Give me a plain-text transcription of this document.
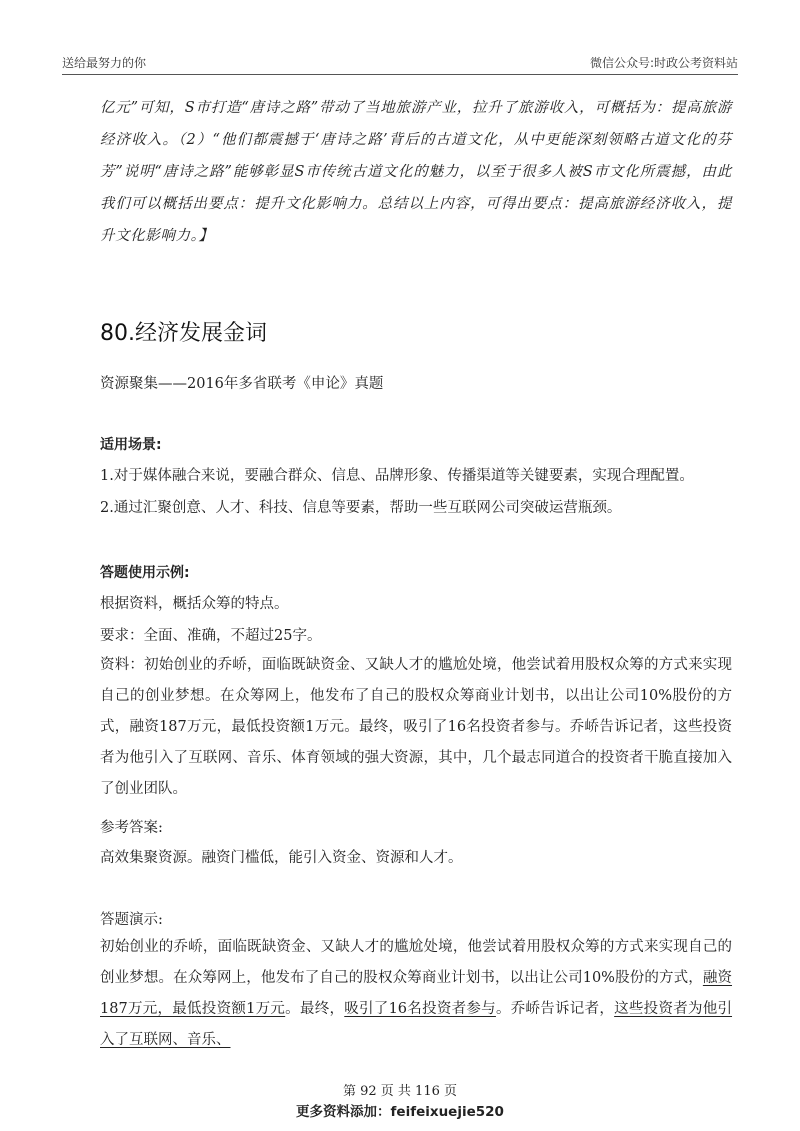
送给最努力的你	微信公众号:时政公考资料站
亿元”可知，S市打造“唐诗之路”带动了当地旅游产业，拉升了旅游收入，可概括为：提高旅游经济收入。（2）“他们都震撼于‘唐诗之路’背后的古道文化，从中更能深刻领略古道文化的芬芳”说明“唐诗之路”能够彰显S市传统古道文化的魅力，以至于很多人被S市文化所震撼，由此我们可以概括出要点：提升文化影响力。总结以上内容，可得出要点：提高旅游经济收入，提升文化影响力。】
80.经济发展金词
资源聚集——2016年多省联考《申论》真题
适用场景:
1.对于媒体融合来说，要融合群众、信息、品牌形象、传播渠道等关键要素，实现合理配置。
2.通过汇聚创意、人才、科技、信息等要素，帮助一些互联网公司突破运营瓶颈。
答题使用示例:
根据资料，概括众筹的特点。
要求：全面、准确，不超过25字。
资料：初始创业的乔峤，面临既缺资金、又缺人才的尴尬处境，他尝试着用股权众筹的方式来实现自己的创业梦想。在众筹网上，他发布了自己的股权众筹商业计划书，以出让公司10%股份的方式，融资187万元，最低投资额1万元。最终，吸引了16名投资者参与。乔峤告诉记者，这些投资者为他引入了互联网、音乐、体育领域的强大资源，其中，几个最志同道合的投资者干脆直接加入了创业团队。
参考答案:
高效集聚资源。融资门槛低，能引入资金、资源和人才。
答题演示:
初始创业的乔峤，面临既缺资金、又缺人才的尴尬处境，他尝试着用股权众筹的方式来实现自己的创业梦想。在众筹网上，他发布了自己的股权众筹商业计划书，以出让公司10%股份的方式，融资187万元，最低投资额1万元。最终，吸引了16名投资者参与。乔峤告诉记者，这些投资者为他引入了互联网、音乐、
第 92 页 共 116 页
更多资料添加：feifeixuejie520
